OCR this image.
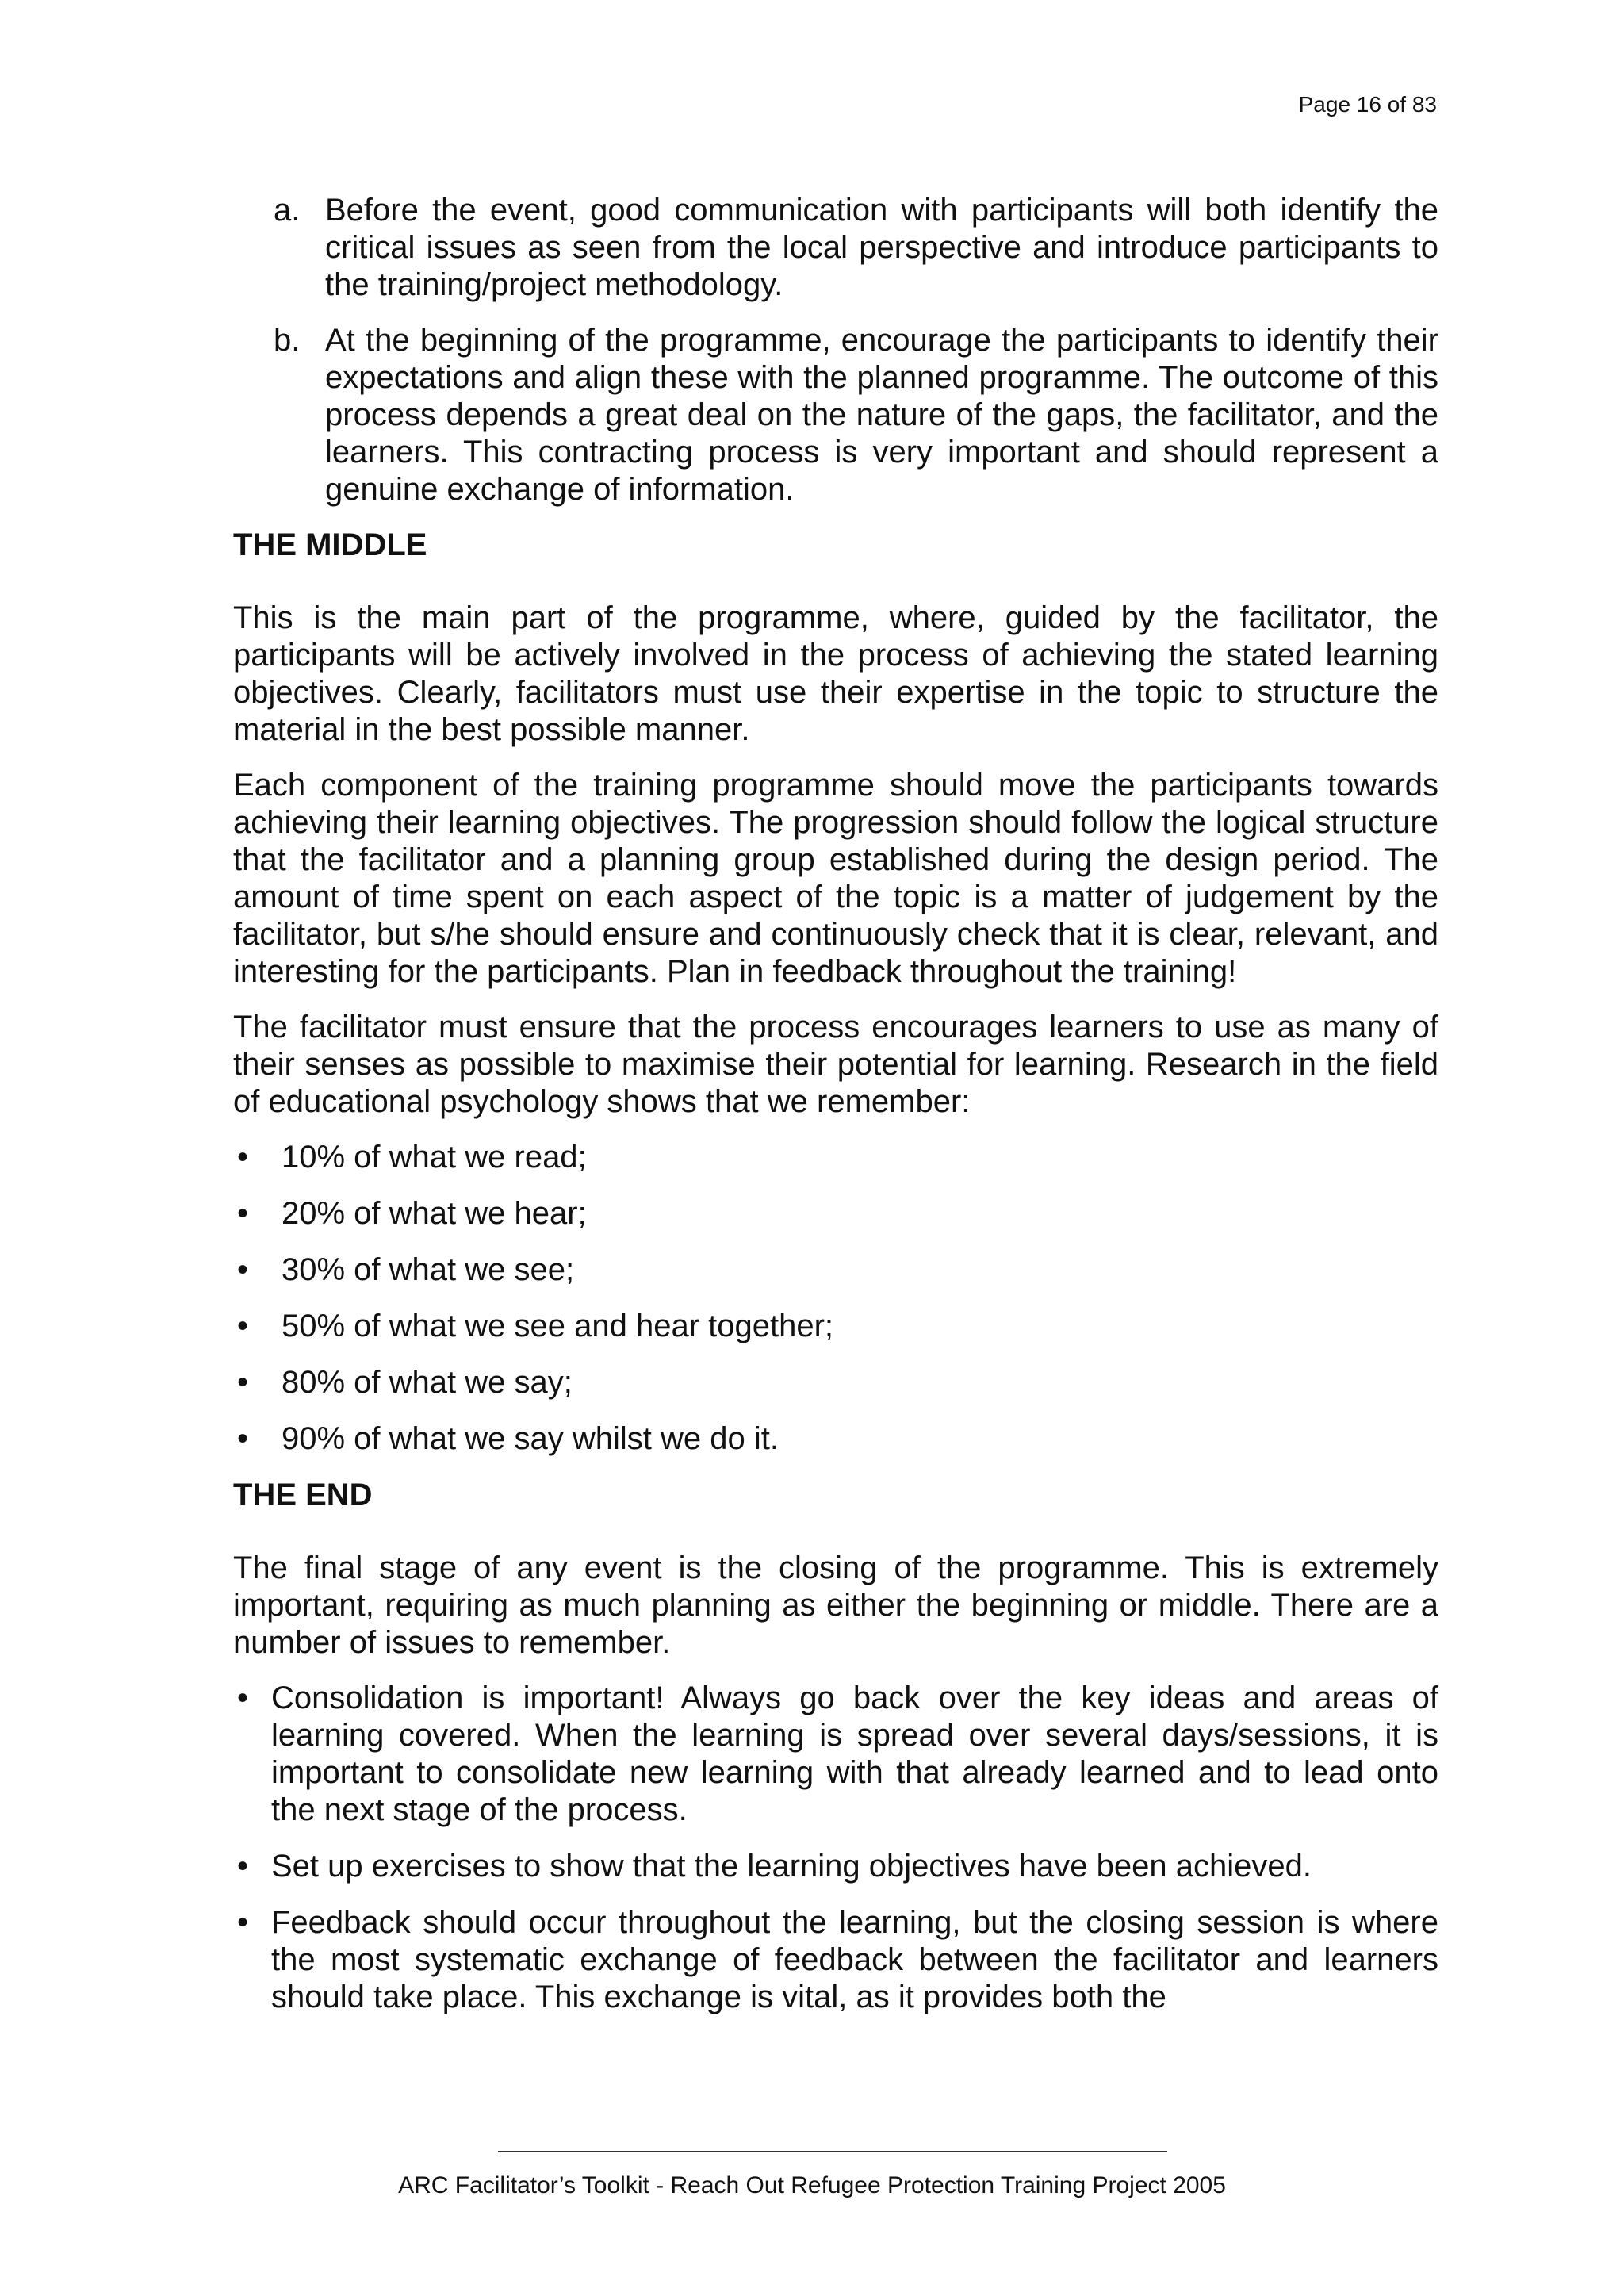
Page 16 of 83
a. Before the event, good communication with participants will both identify the critical issues as seen from the local perspective and introduce participants to the training/project methodology.
b. At the beginning of the programme, encourage the participants to identify their expectations and align these with the planned programme. The outcome of this process depends a great deal on the nature of the gaps, the facilitator, and the learners. This contracting process is very important and should represent a genuine exchange of information.
THE MIDDLE

This is the main part of the programme, where, guided by the facilitator, the participants will be actively involved in the process of achieving the stated learning objectives. Clearly, facilitators must use their expertise in the topic to structure the material in the best possible manner.

Each component of the training programme should move the participants towards achieving their learning objectives. The progression should follow the logical structure that the facilitator and a planning group established during the design period. The amount of time spent on each aspect of the topic is a matter of judgement by the facilitator, but s/he should ensure and continuously check that it is clear, relevant, and interesting for the participants. Plan in feedback throughout the training!

The facilitator must ensure that the process encourages learners to use as many of their senses as possible to maximise their potential for learning. Research in the field of educational psychology shows that we remember:

• 10% of what we read;
• 20% of what we hear;
• 30% of what we see;
• 50% of what we see and hear together;
• 80% of what we say;
• 90% of what we say whilst we do it.
THE END

The final stage of any event is the closing of the programme. This is extremely important, requiring as much planning as either the beginning or middle. There are a number of issues to remember.

• Consolidation is important! Always go back over the key ideas and areas of learning covered. When the learning is spread over several days/sessions, it is important to consolidate new learning with that already learned and to lead onto the next stage of the process.
• Set up exercises to show that the learning objectives have been achieved.
• Feedback should occur throughout the learning, but the closing session is where the most systematic exchange of feedback between the facilitator and learners should take place. This exchange is vital, as it provides both the
ARC Facilitator’s Toolkit - Reach Out Refugee Protection Training Project 2005
